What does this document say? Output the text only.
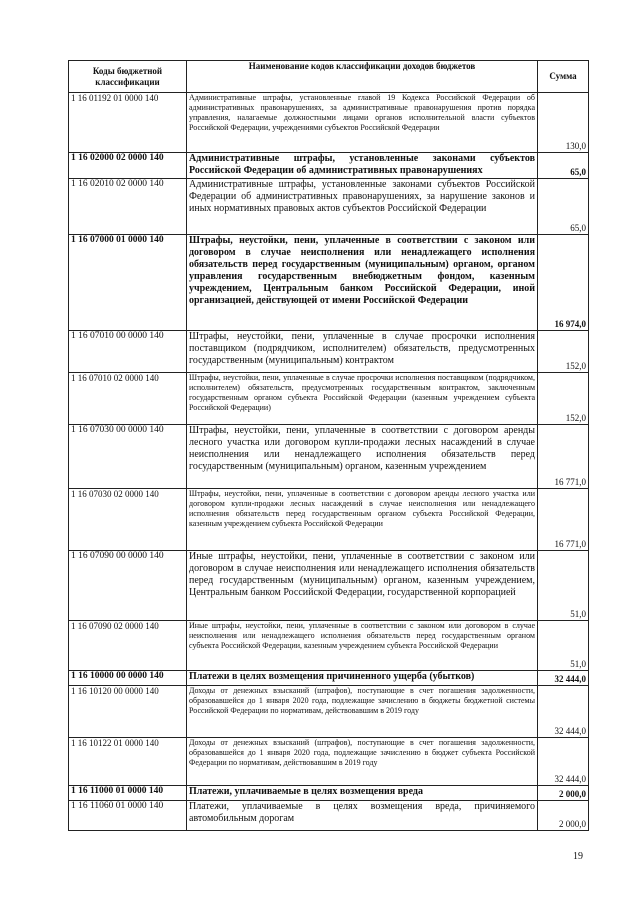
Коды бюджетной классификации	Наименование кодов классификации доходов бюджетов	Сумма
1 16 01192 01 0000 140	Административные штрафы, установленные главой 19 Кодекса Российской Федерации об административных правонарушениях, за административные правонарушения против порядка управления, налагаемые должностными лицами органов исполнительной власти субъектов Российской Федерации, учреждениями субъектов Российской Федерации	130,0
1 16 02000 02 0000 140	Административные штрафы, установленные законами субъектов Российской Федерации об административных правонарушениях	65,0
1 16 02010 02 0000 140	Административные штрафы, установленные законами субъектов Российской Федерации об административных правонарушениях, за нарушение законов и иных нормативных правовых актов субъектов Российской Федерации	65,0
1 16 07000 01 0000 140	Штрафы, неустойки, пени, уплаченные в соответствии с законом или договором в случае неисполнения или ненадлежащего исполнения обязательств перед государственным (муниципальным) органом, органом управления государственным внебюджетным фондом, казенным учреждением, Центральным банком Российской Федерации, иной организацией, действующей от имени Российской Федерации	16 974,0
1 16 07010 00 0000 140	Штрафы, неустойки, пени, уплаченные в случае просрочки исполнения поставщиком (подрядчиком, исполнителем) обязательств, предусмотренных государственным (муниципальным) контрактом	152,0
1 16 07010 02 0000 140	Штрафы, неустойки, пени, уплаченные в случае просрочки исполнения поставщиком (подрядчиком, исполнителем) обязательств, предусмотренных государственным контрактом, заключенным государственным органом субъекта Российской Федерации (казенным учреждением субъекта Российской Федерации)	152,0
1 16 07030 00 0000 140	Штрафы, неустойки, пени, уплаченные в соответствии с договором аренды лесного участка или договором купли-продажи лесных насаждений в случае неисполнения или ненадлежащего исполнения обязательств перед государственным (муниципальным) органом, казенным учреждением	16 771,0
1 16 07030 02 0000 140	Штрафы, неустойки, пени, уплаченные в соответствии с договором аренды лесного участка или договором купли-продажи лесных насаждений в случае неисполнения или ненадлежащего исполнения обязательств перед государственным органом субъекта Российской Федерации, казенным учреждением субъекта Российской Федерации	16 771,0
1 16 07090 00 0000 140	Иные штрафы, неустойки, пени, уплаченные в соответствии с законом или договором в случае неисполнения или ненадлежащего исполнения обязательств перед государственным (муниципальным) органом, казенным учреждением, Центральным банком Российской Федерации, государственной корпорацией	51,0
1 16 07090 02 0000 140	Иные штрафы, неустойки, пени, уплаченные в соответствии с законом или договором в случае неисполнения или ненадлежащего исполнения обязательств перед государственным органом субъекта Российской Федерации, казенным учреждением субъекта Российской Федерации	51,0
1 16 10000 00 0000 140	Платежи в целях возмещения причиненного ущерба (убытков)	32 444,0
1 16 10120 00 0000 140	Доходы от денежных взысканий (штрафов), поступающие в счет погашения задолженности, образовавшейся до 1 января 2020 года, подлежащие зачислению в бюджеты бюджетной системы Российской Федерации по нормативам, действовавшим в 2019 году	32 444,0
1 16 10122 01 0000 140	Доходы от денежных взысканий (штрафов), поступающие в счет погашения задолженности, образовавшейся до 1 января 2020 года, подлежащие зачислению в бюджет субъекта Российской Федерации по нормативам, действовавшим в 2019 году	32 444,0
1 16 11000 01 0000 140	Платежи, уплачиваемые в целях возмещения вреда	2 000,0
1 16 11060 01 0000 140	Платежи, уплачиваемые в целях возмещения вреда, причиняемого автомобильным дорогам	2 000,0
19
